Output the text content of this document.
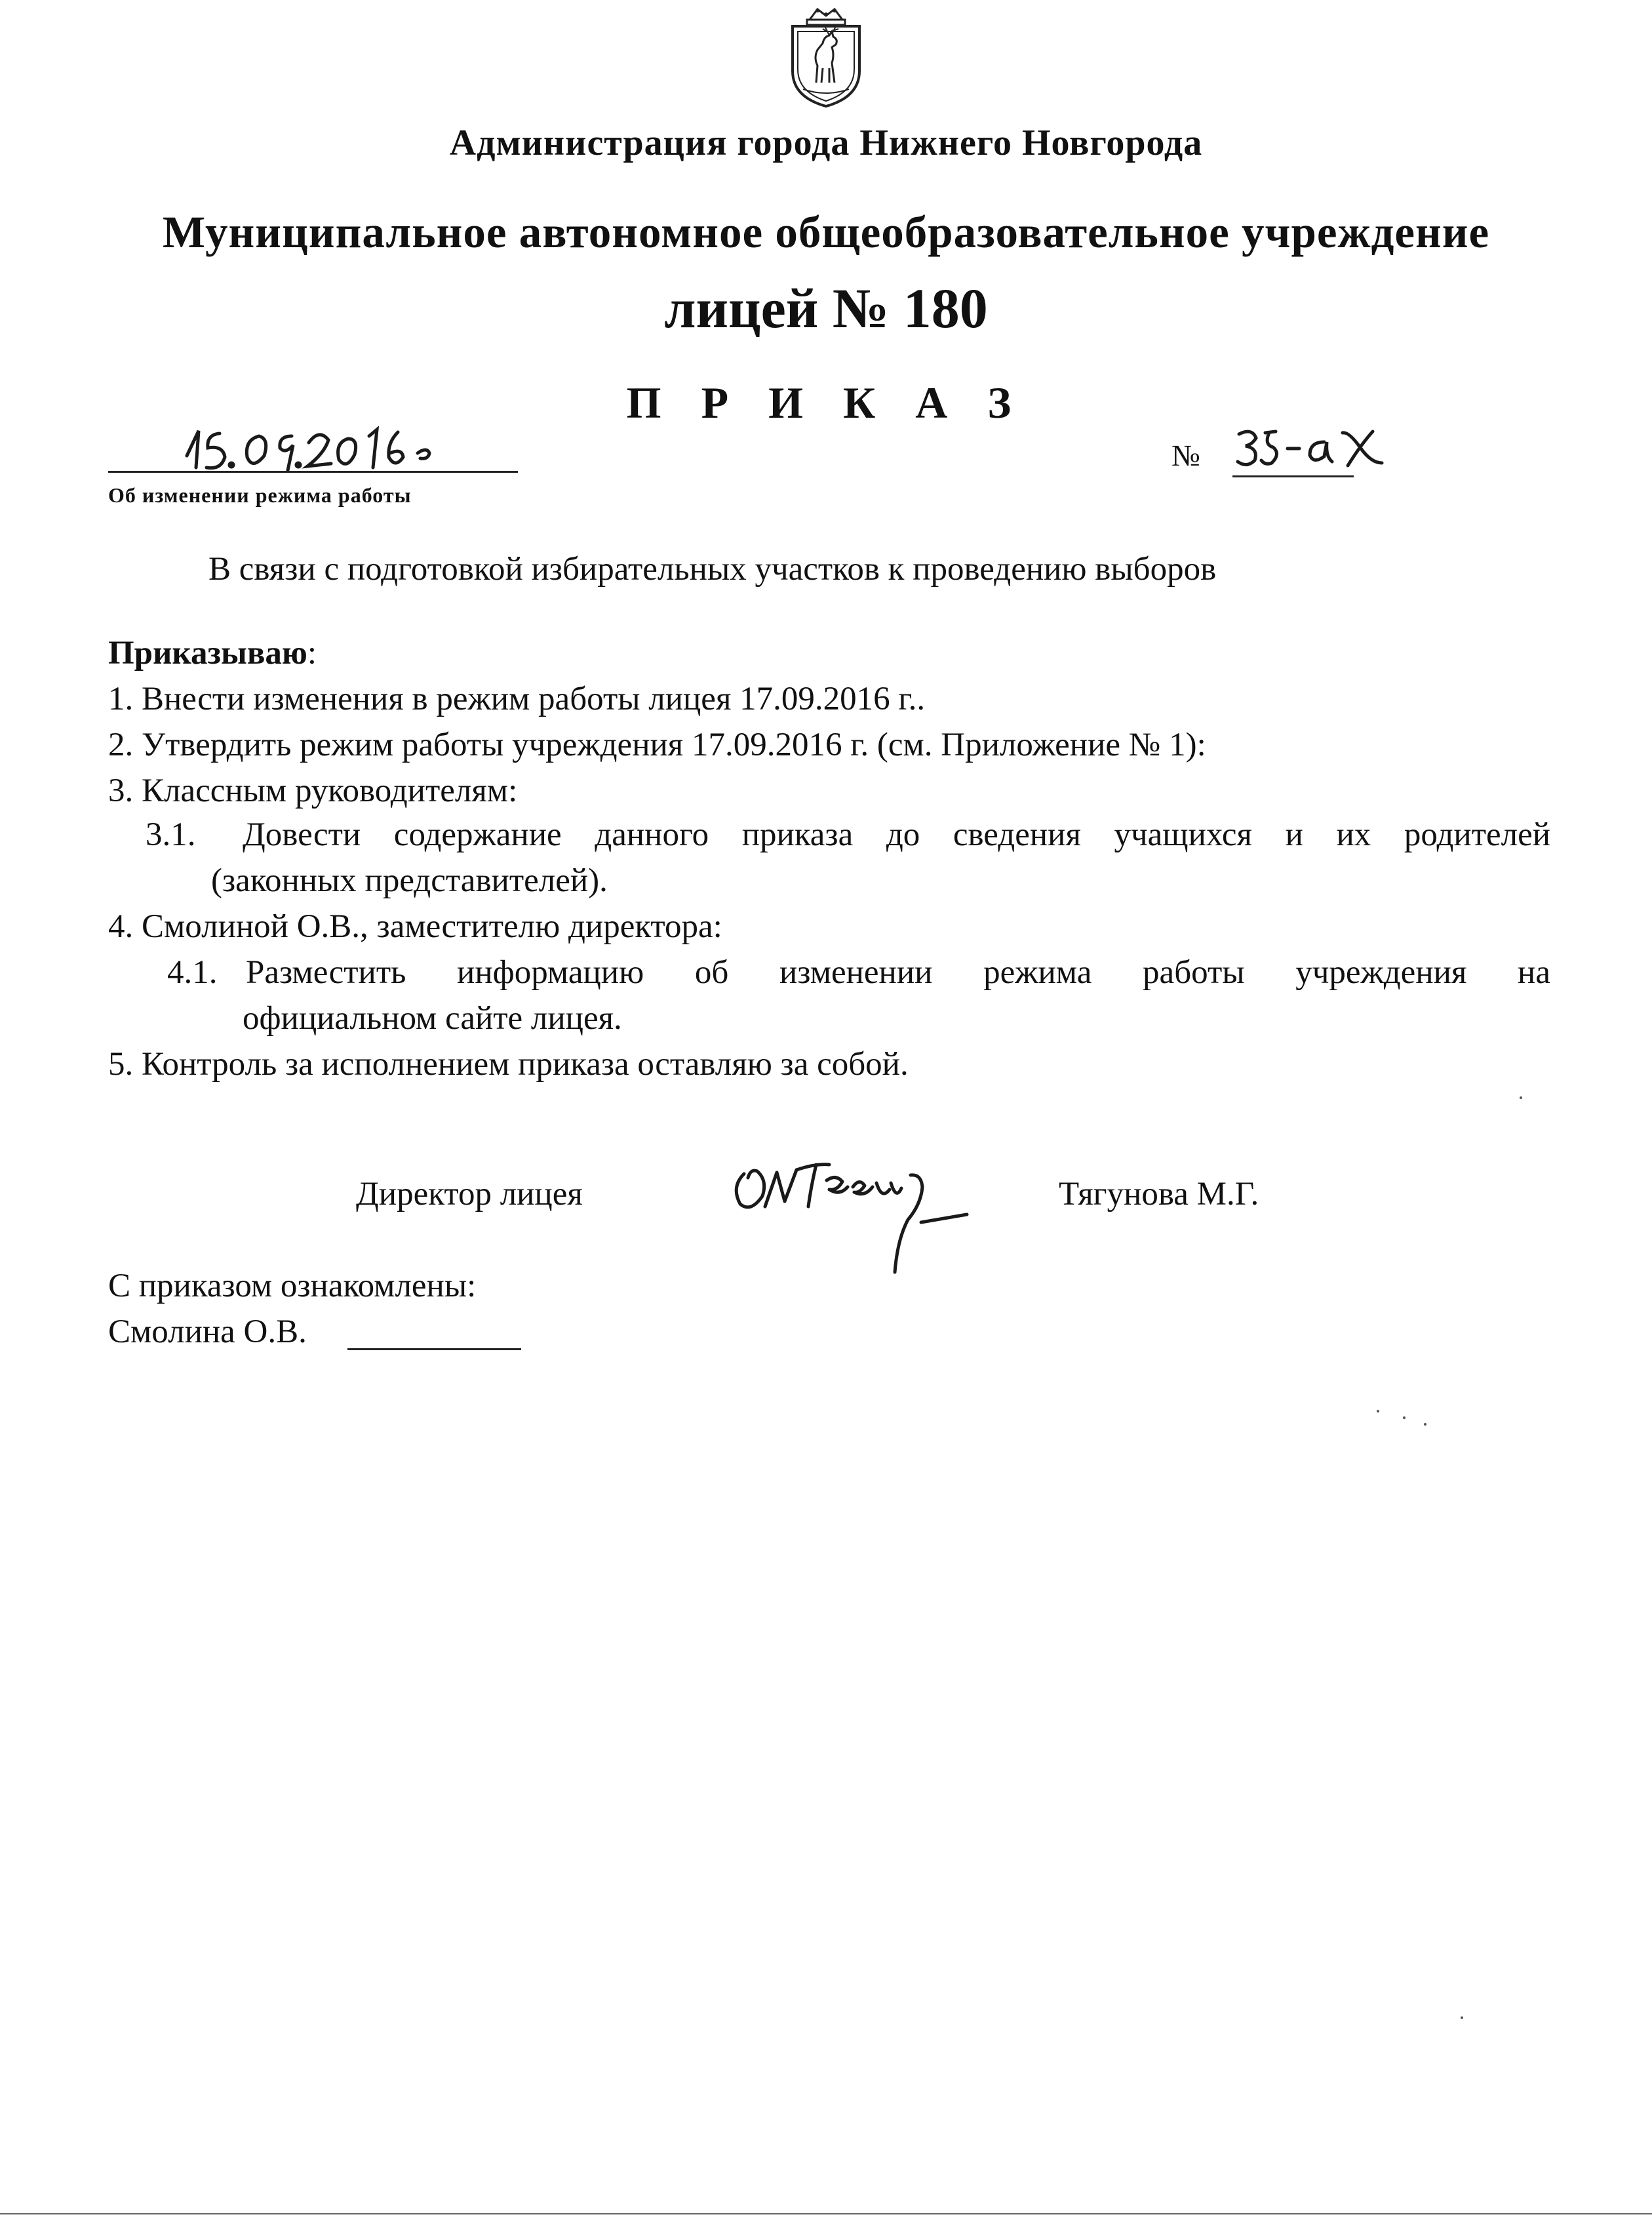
Администрация города Нижнего Новгорода
Муниципальное автономное общеобразовательное учреждение
лицей № 180
П Р И К А З
Об изменении режима работы
№
В связи с подготовкой избирательных участков к проведению выборов
Приказываю:
1. Внести изменения в режим работы лицея 17.09.2016 г..
2. Утвердить режим работы учреждения 17.09.2016 г. (см. Приложение № 1):
3. Классным руководителям:
3.1. Довести содержание данного приказа до сведения учащихся и их родителей
(законных представителей).
4. Смолиной О.В., заместителю директора:
4.1. Разместить информацию об изменении режима работы учреждения на
официальном сайте лицея.
5. Контроль за исполнением приказа оставляю за собой.
Директор лицея	Тягунова М.Г.
С приказом ознакомлены:
Смолина О.В.
